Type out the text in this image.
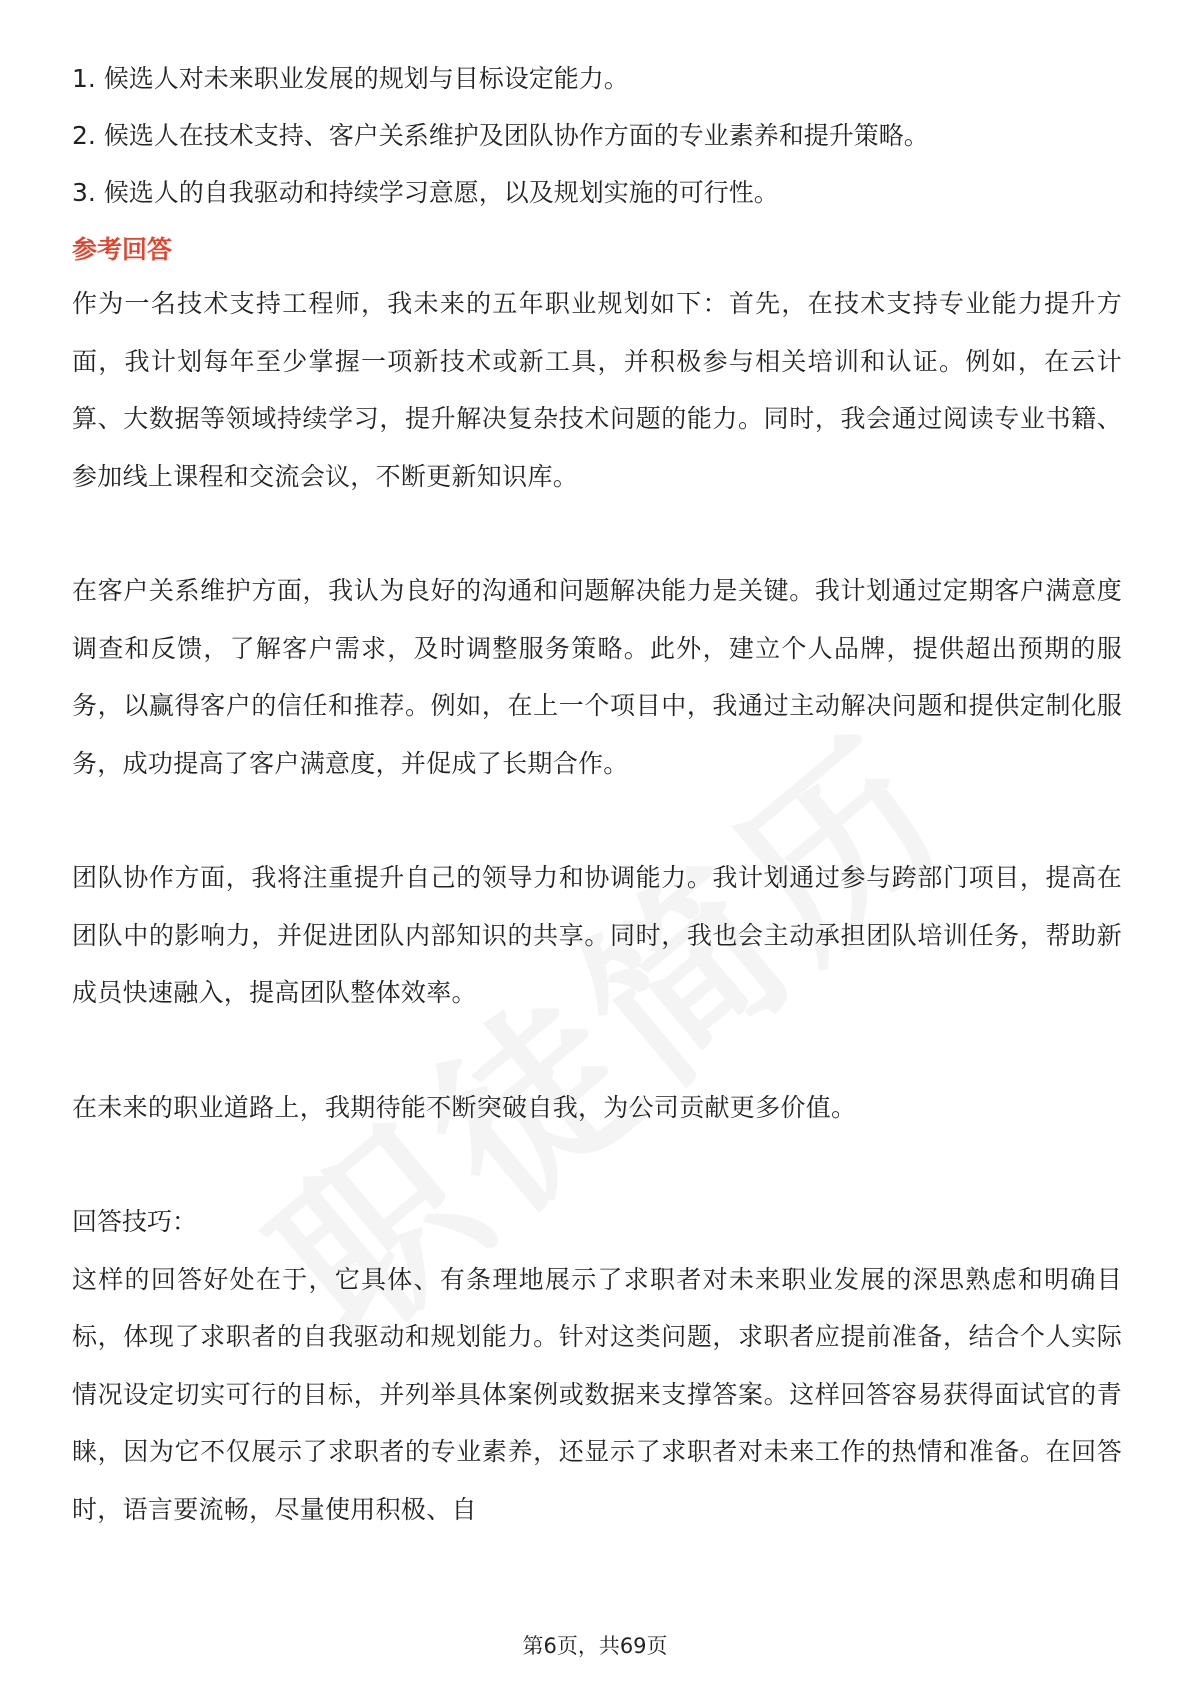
1. 候选人对未来职业发展的规划与目标设定能力。

2. 候选人在技术支持、客户关系维护及团队协作方面的专业素养和提升策略。

3. 候选人的自我驱动和持续学习意愿，以及规划实施的可行性。

参考回答

作为一名技术支持工程师，我未来的五年职业规划如下：首先，在技术支持专业能力提升方面，我计划每年至少掌握一项新技术或新工具，并积极参与相关培训和认证。例如，在云计算、大数据等领域持续学习，提升解决复杂技术问题的能力。同时，我会通过阅读专业书籍、参加线上课程和交流会议，不断更新知识库。

在客户关系维护方面，我认为良好的沟通和问题解决能力是关键。我计划通过定期客户满意度调查和反馈，了解客户需求，及时调整服务策略。此外，建立个人品牌，提供超出预期的服务，以赢得客户的信任和推荐。例如，在上一个项目中，我通过主动解决问题和提供定制化服务，成功提高了客户满意度，并促成了长期合作。

团队协作方面，我将注重提升自己的领导力和协调能力。我计划通过参与跨部门项目，提高在团队中的影响力，并促进团队内部知识的共享。同时，我也会主动承担团队培训任务，帮助新成员快速融入，提高团队整体效率。

在未来的职业道路上，我期待能不断突破自我，为公司贡献更多价值。

回答技巧：

这样的回答好处在于，它具体、有条理地展示了求职者对未来职业发展的深思熟虑和明确目标，体现了求职者的自我驱动和规划能力。针对这类问题，求职者应提前准备，结合个人实际情况设定切实可行的目标，并列举具体案例或数据来支撑答案。这样回答容易获得面试官的青睐，因为它不仅展示了求职者的专业素养，还显示了求职者对未来工作的热情和准备。在回答时，语言要流畅，尽量使用积极、自

第6页，共69页
